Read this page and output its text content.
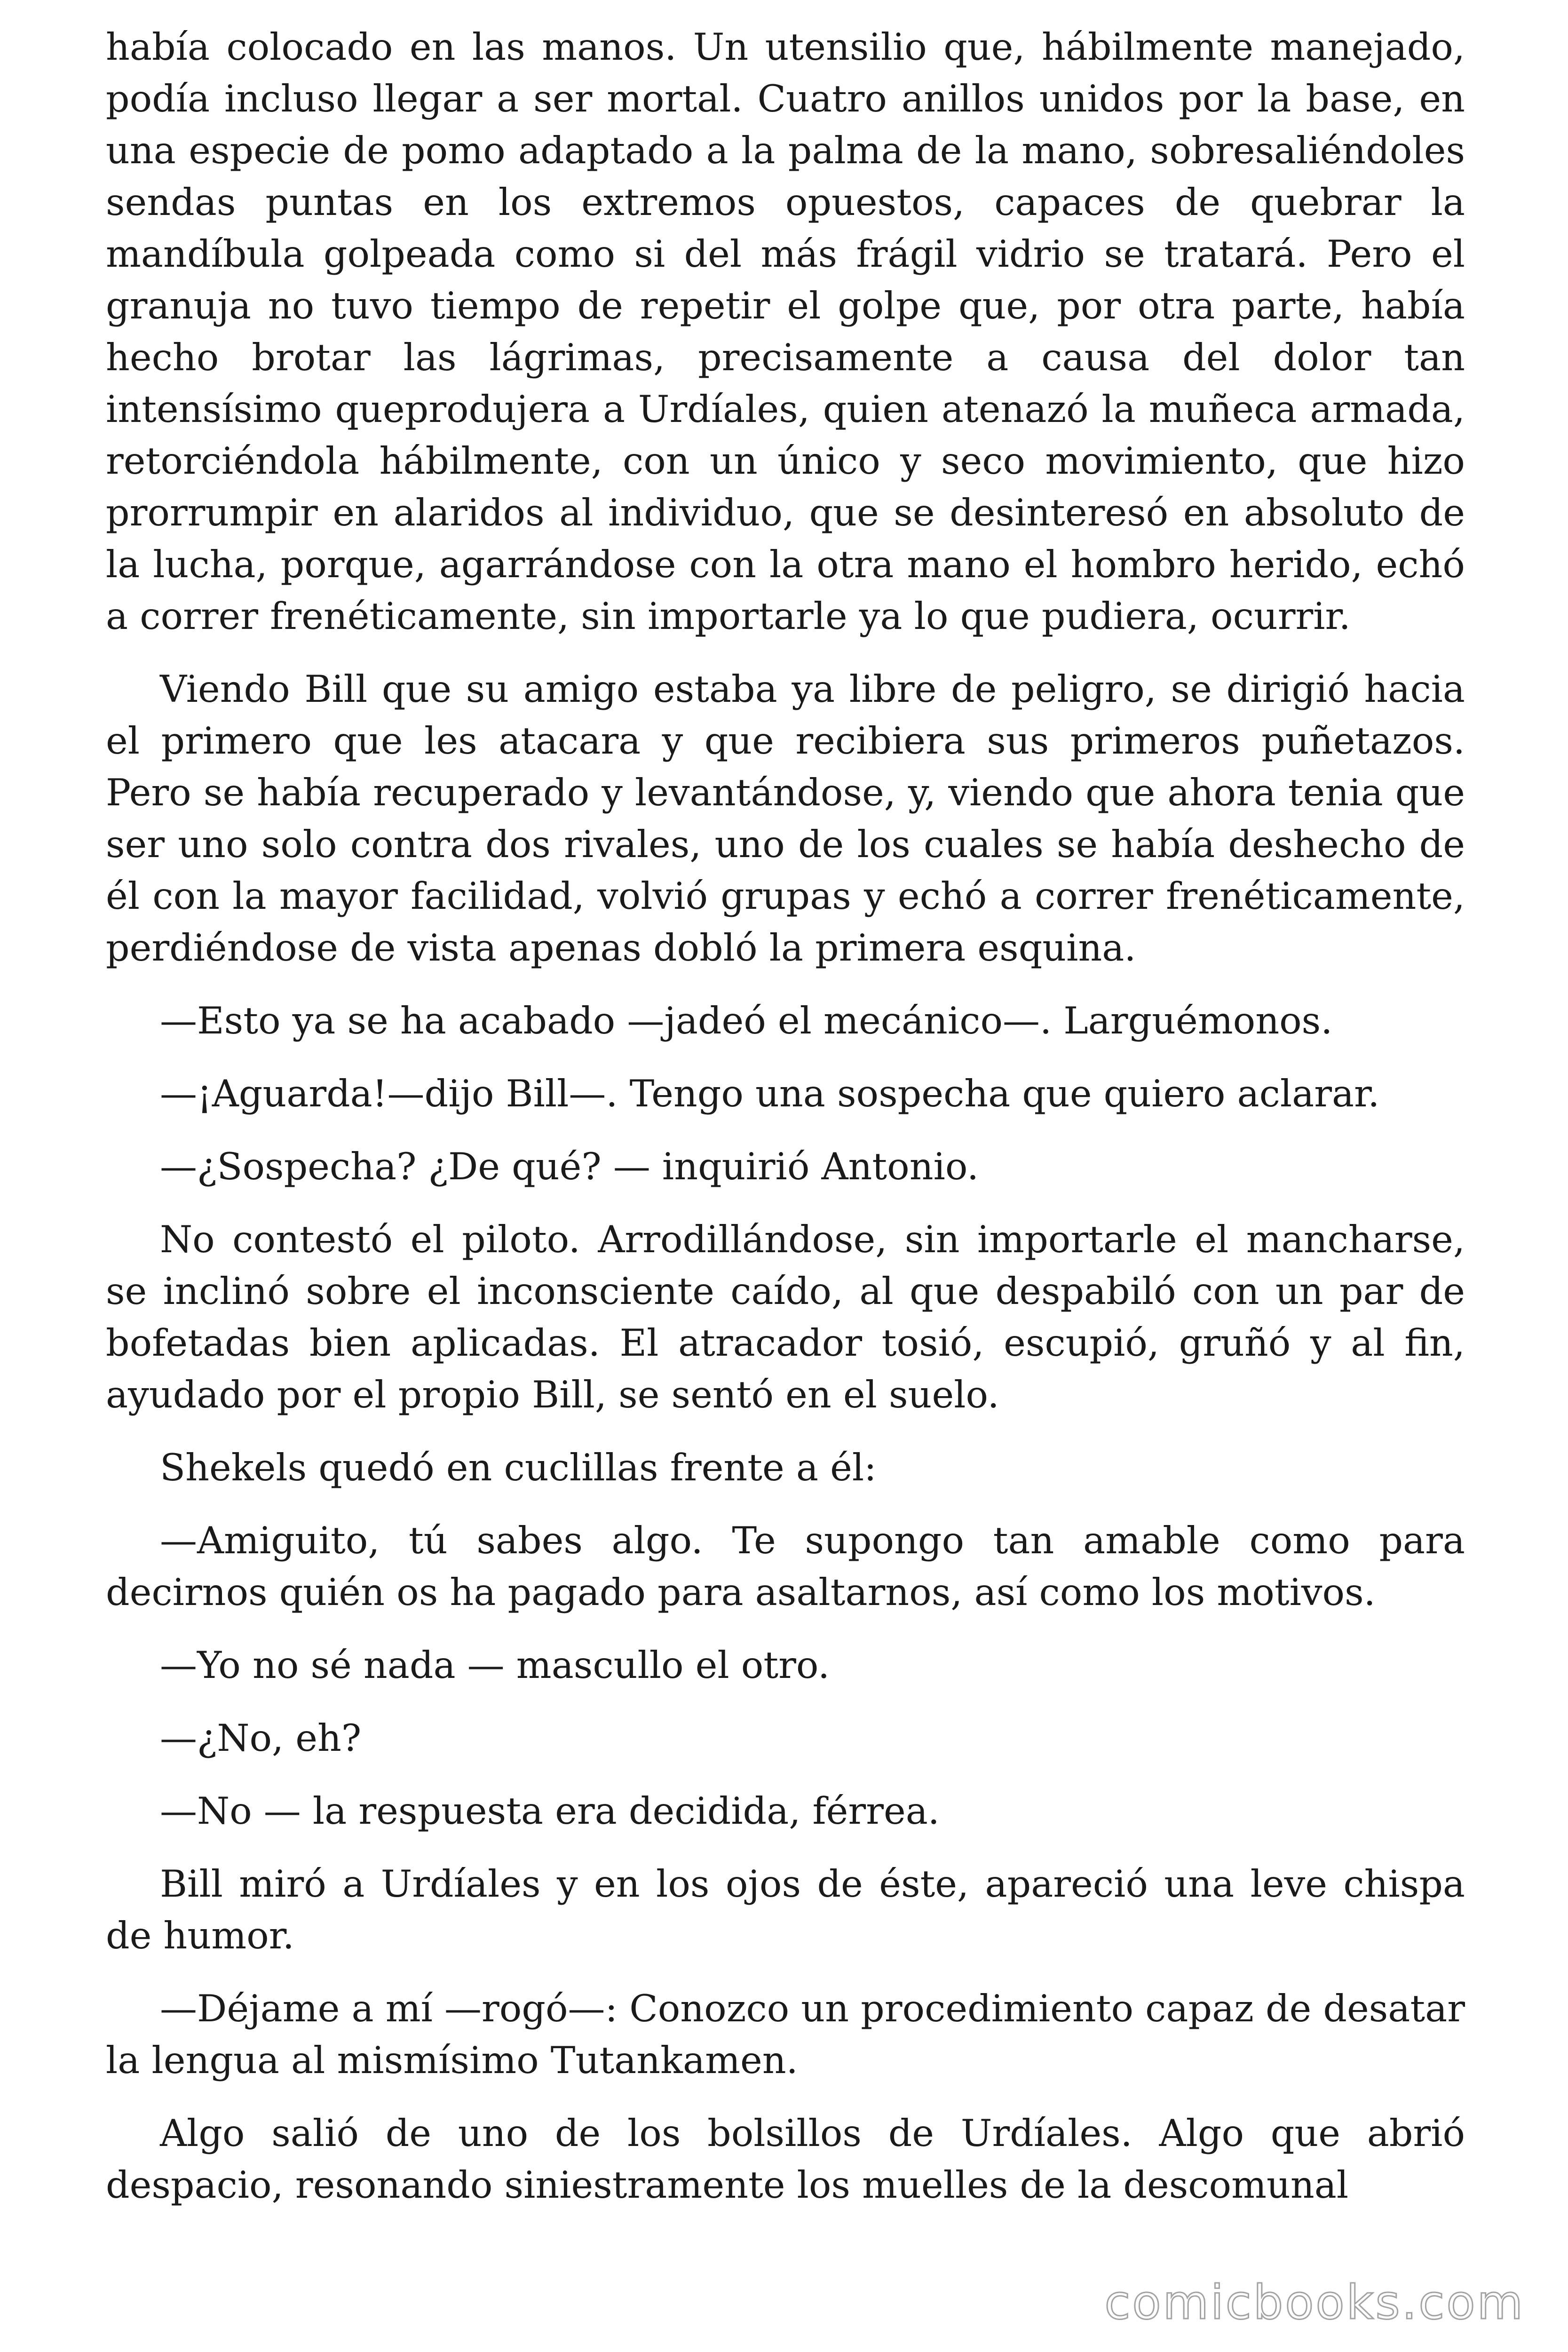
había colocado en las manos. Un utensilio que, hábilmente manejado, podía incluso llegar a ser mortal. Cuatro anillos unidos por la base, en una especie de pomo adaptado a la palma de la mano, sobresaliéndoles sendas puntas en los extremos opuestos, capaces de quebrar la mandíbula golpeada como si del más frágil vidrio se tratará. Pero el granuja no tuvo tiempo de repetir el golpe que, por otra parte, había hecho brotar las lágrimas, precisamente a causa del dolor tan intensísimo queprodujera a Urdíales, quien atenazó la muñeca armada, retorciéndola hábilmente, con un único y seco movimiento, que hizo prorrumpir en alaridos al individuo, que se desinteresó en absoluto de la lucha, porque, agarrándose con la otra mano el hombro herido, echó a correr frenéticamente, sin importarle ya lo que pudiera, ocurrir.

Viendo Bill que su amigo estaba ya libre de peligro, se dirigió hacia el primero que les atacara y que recibiera sus primeros puñetazos. Pero se había recuperado y levantándose, y, viendo que ahora tenia que ser uno solo contra dos rivales, uno de los cuales se había deshecho de él con la mayor facilidad, volvió grupas y echó a correr frenéticamente, perdiéndose de vista apenas dobló la primera esquina.

—Esto ya se ha acabado —jadeó el mecánico—. Larguémonos.

—¡Aguarda!—dijo Bill—. Tengo una sospecha que quiero aclarar.

—¿Sospecha? ¿De qué? — inquirió Antonio.

No contestó el piloto. Arrodillándose, sin importarle el mancharse, se inclinó sobre el inconsciente caído, al que despabiló con un par de bofetadas bien aplicadas. El atracador tosió, escupió, gruñó y al fin, ayudado por el propio Bill, se sentó en el suelo.

Shekels quedó en cuclillas frente a él:

—Amiguito, tú sabes algo. Te supongo tan amable como para decirnos quién os ha pagado para asaltarnos, así como los motivos.

—Yo no sé nada — mascullo el otro.

—¿No, eh?

—No — la respuesta era decidida, férrea.

Bill miró a Urdíales y en los ojos de éste, apareció una leve chispa de humor.

—Déjame a mí —rogó—: Conozco un procedimiento capaz de desatar la lengua al mismísimo Tutankamen.

Algo salió de uno de los bolsillos de Urdíales. Algo que abrió despacio, resonando siniestramente los muelles de la descomunal

comicbooks.com
